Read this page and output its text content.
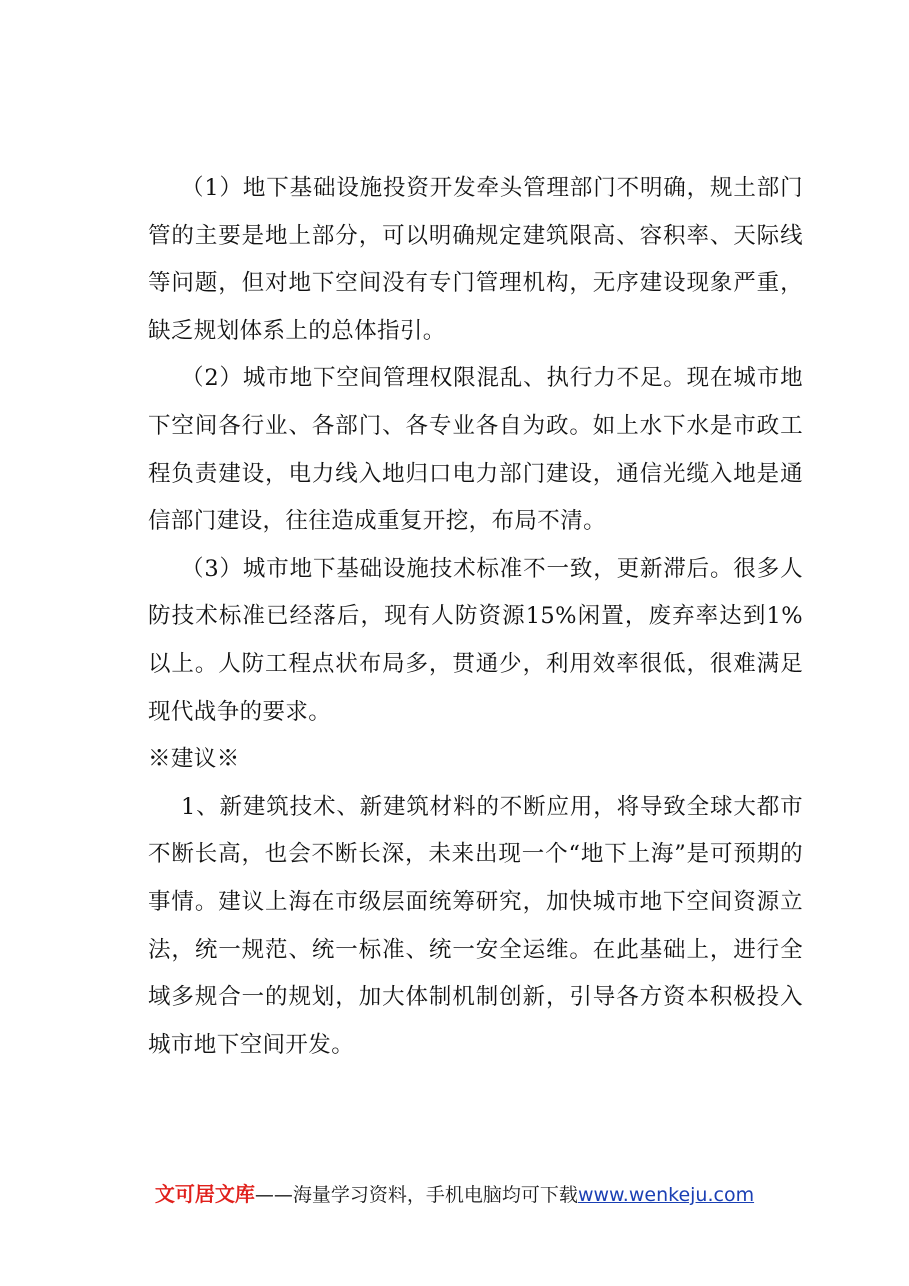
（1）地下基础设施投资开发牵头管理部门不明确，规土部门管的主要是地上部分，可以明确规定建筑限高、容积率、天际线等问题，但对地下空间没有专门管理机构，无序建设现象严重，缺乏规划体系上的总体指引。

（2）城市地下空间管理权限混乱、执行力不足。现在城市地下空间各行业、各部门、各专业各自为政。如上水下水是市政工程负责建设，电力线入地归口电力部门建设，通信光缆入地是通信部门建设，往往造成重复开挖，布局不清。

（3）城市地下基础设施技术标准不一致，更新滞后。很多人防技术标准已经落后，现有人防资源15%闲置，废弃率达到1%以上。人防工程点状布局多，贯通少，利用效率很低，很难满足现代战争的要求。

※建议※

1、新建筑技术、新建筑材料的不断应用，将导致全球大都市不断长高，也会不断长深，未来出现一个“地下上海”是可预期的事情。建议上海在市级层面统筹研究，加快城市地下空间资源立法，统一规范、统一标准、统一安全运维。在此基础上，进行全域多规合一的规划，加大体制机制创新，引导各方资本积极投入城市地下空间开发。

文可居文库——海量学习资料，手机电脑均可下载www.wenkeju.com
